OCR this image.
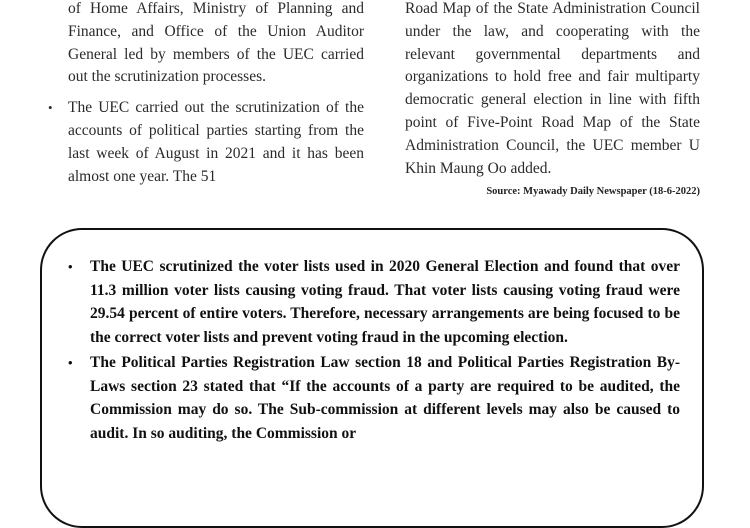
of Home Affairs, Ministry of Planning and Finance, and Office of the Union Auditor General led by members of the UEC carried out the scrutinization processes.

• The UEC carried out the scrutinization of the accounts of political parties starting from the last week of August in 2021 and it has been almost one year. The 51

Road Map of the State Administration Council under the law, and cooperating with the relevant governmental departments and organizations to hold free and fair multiparty democratic general election in line with fifth point of Five-Point Road Map of the State Administration Council, the UEC member U Khin Maung Oo added.

Source: Myawady Daily Newspaper (18-6-2022)
• The UEC scrutinized the voter lists used in 2020 General Election and found that over 11.3 million voter lists causing voting fraud. That voter lists causing voting fraud were 29.54 percent of entire voters. Therefore, necessary arrangements are being focused to be the correct voter lists and prevent voting fraud in the upcoming election.
• The Political Parties Registration Law section 18 and Political Parties Registration By-Laws section 23 stated that “If the accounts of a party are required to be audited, the Commission may do so. The Sub-commission at different levels may also be caused to audit. In so auditing, the Commission or
